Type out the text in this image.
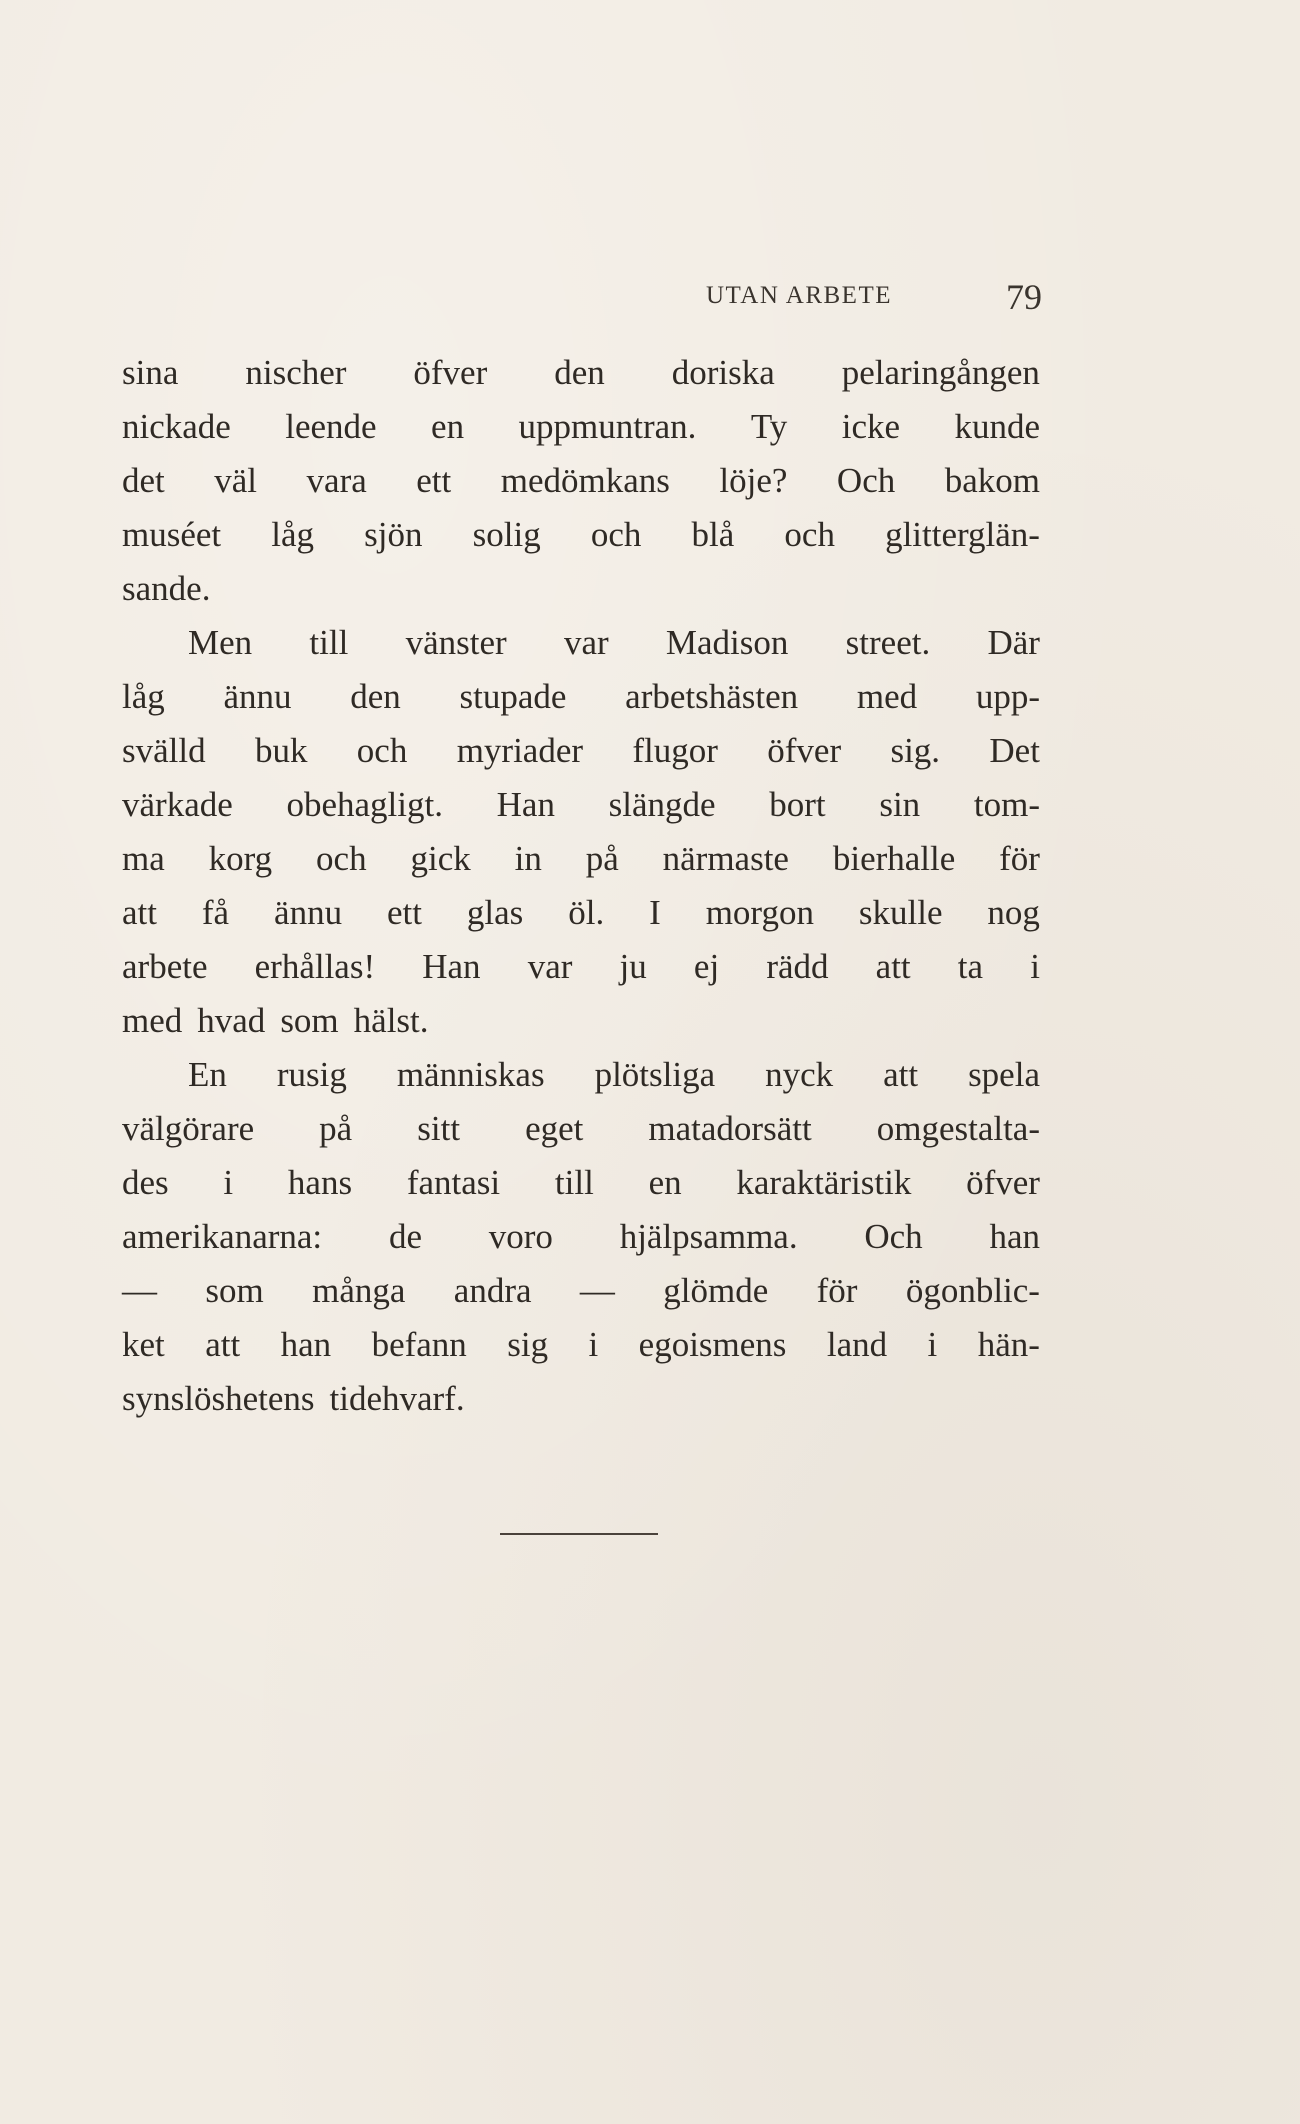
UTAN ARBETE	79
sina nischer öfver den doriska pelaringången
nickade leende en uppmuntran. Ty icke kunde
det väl vara ett medömkans löje? Och bakom
muséet låg sjön solig och blå och glitterglän-
sande.
Men till vänster var Madison street. Där
låg ännu den stupade arbetshästen med upp-
svälld buk och myriader flugor öfver sig. Det
värkade obehagligt. Han slängde bort sin tom-
ma korg och gick in på närmaste bierhalle för
att få ännu ett glas öl. I morgon skulle nog
arbete erhållas! Han var ju ej rädd att ta i
med hvad som hälst.
En rusig människas plötsliga nyck att spela
välgörare på sitt eget matadorsätt omgestalta-
des i hans fantasi till en karaktäristik öfver
amerikanarna: de voro hjälpsamma. Och han
— som många andra — glömde för ögonblic-
ket att han befann sig i egoismens land i hän-
synslöshetens tidehvarf.
